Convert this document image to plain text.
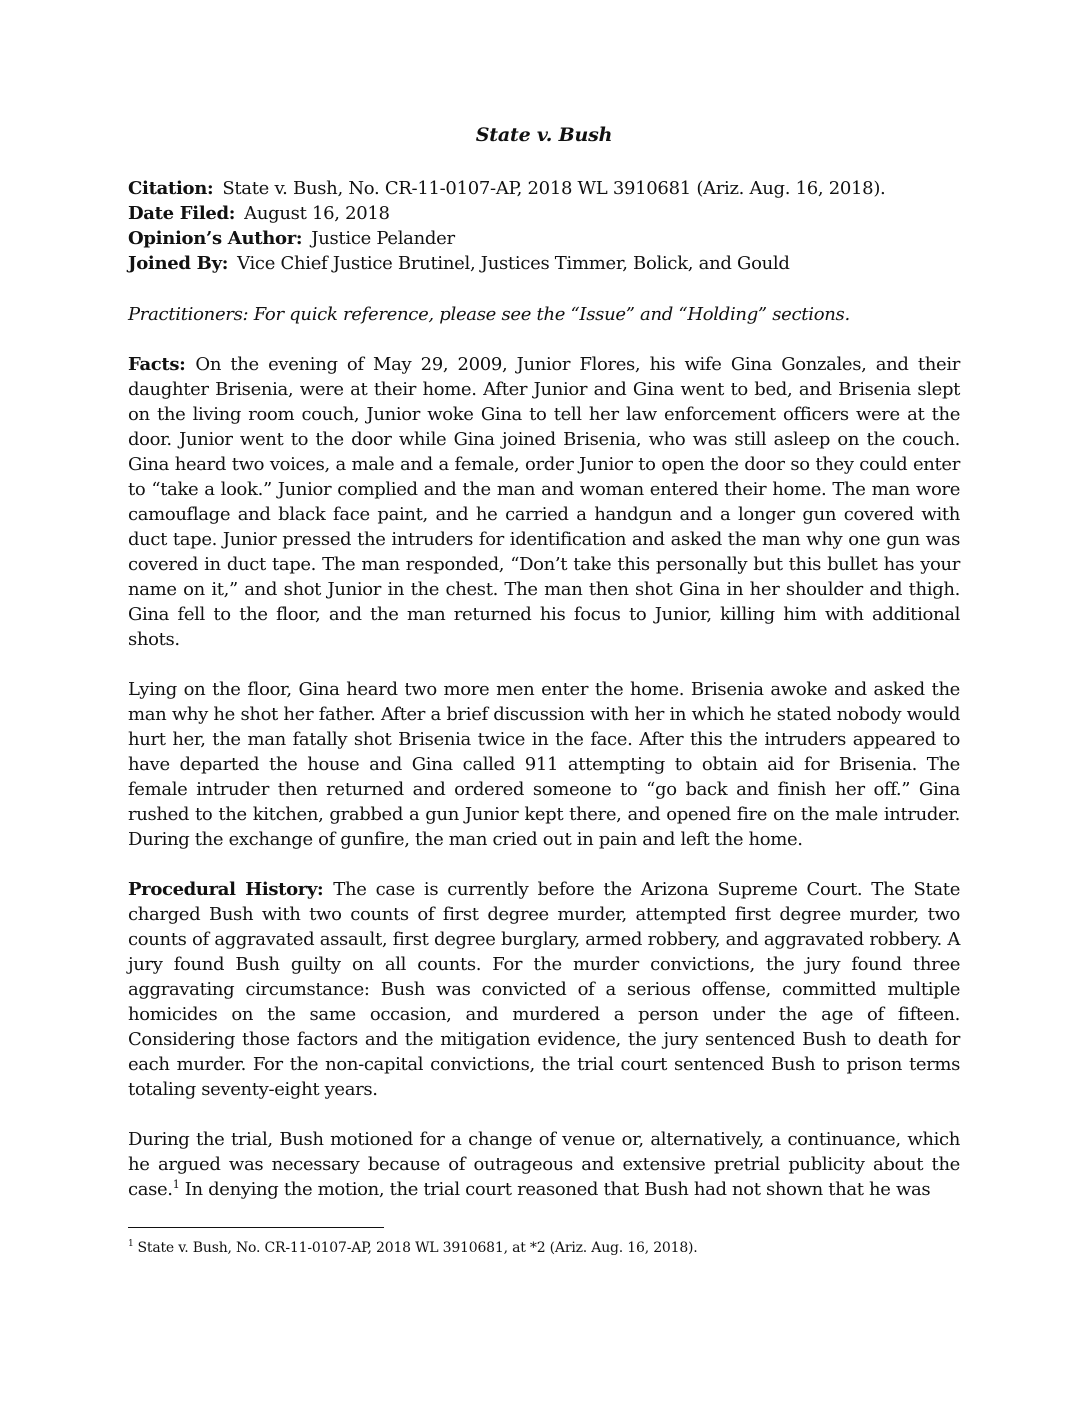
State v. Bush

Citation: State v. Bush, No. CR-11-0107-AP, 2018 WL 3910681 (Ariz. Aug. 16, 2018).

Date Filed: August 16, 2018

Opinion’s Author: Justice Pelander

Joined By: Vice Chief Justice Brutinel, Justices Timmer, Bolick, and Gould

Practitioners: For quick reference, please see the “Issue” and “Holding” sections.

Facts: On the evening of May 29, 2009, Junior Flores, his wife Gina Gonzales, and their daughter Brisenia, were at their home. After Junior and Gina went to bed, and Brisenia slept on the living room couch, Junior woke Gina to tell her law enforcement officers were at the door. Junior went to the door while Gina joined Brisenia, who was still asleep on the couch. Gina heard two voices, a male and a female, order Junior to open the door so they could enter to “take a look.” Junior complied and the man and woman entered their home. The man wore camouflage and black face paint, and he carried a handgun and a longer gun covered with duct tape. Junior pressed the intruders for identification and asked the man why one gun was covered in duct tape. The man responded, “Don’t take this personally but this bullet has your name on it,” and shot Junior in the chest. The man then shot Gina in her shoulder and thigh. Gina fell to the floor, and the man returned his focus to Junior, killing him with additional shots.

Lying on the floor, Gina heard two more men enter the home. Brisenia awoke and asked the man why he shot her father. After a brief discussion with her in which he stated nobody would hurt her, the man fatally shot Brisenia twice in the face. After this the intruders appeared to have departed the house and Gina called 911 attempting to obtain aid for Brisenia. The female intruder then returned and ordered someone to “go back and finish her off.” Gina rushed to the kitchen, grabbed a gun Junior kept there, and opened fire on the male intruder. During the exchange of gunfire, the man cried out in pain and left the home.

Procedural History: The case is currently before the Arizona Supreme Court. The State charged Bush with two counts of first degree murder, attempted first degree murder, two counts of aggravated assault, first degree burglary, armed robbery, and aggravated robbery. A jury found Bush guilty on all counts. For the murder convictions, the jury found three aggravating circumstance: Bush was convicted of a serious offense, committed multiple homicides on the same occasion, and murdered a person under the age of fifteen. Considering those factors and the mitigation evidence, the jury sentenced Bush to death for each murder. For the non-capital convictions, the trial court sentenced Bush to prison terms totaling seventy-eight years.

During the trial, Bush motioned for a change of venue or, alternatively, a continuance, which he argued was necessary because of outrageous and extensive pretrial publicity about the case.$^1$ In denying the motion, the trial court reasoned that Bush had not shown that he was

$^1$ State v. Bush, No. CR-11-0107-AP, 2018 WL 3910681, at *2 (Ariz. Aug. 16, 2018).
